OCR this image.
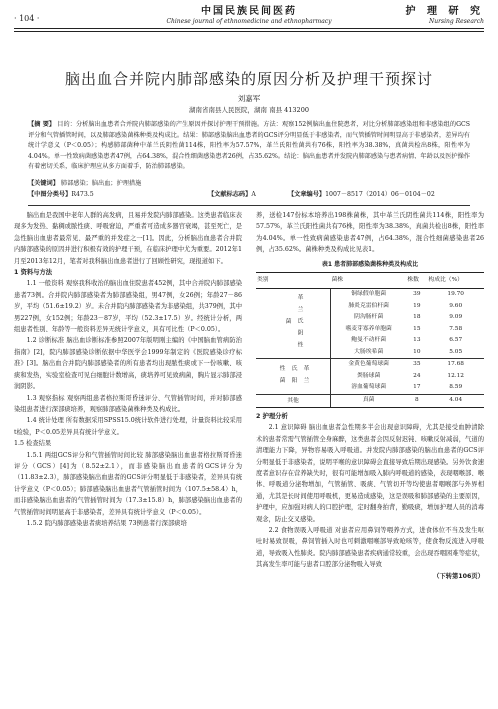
· 104 ·
中国民族民间医药
Chinese journal of ethnomedicine and ethnopharmacy
护 理 研 究
Nursing Research
脑出血合并院内肺部感染的原因分析及护理干预探讨
刘嘉军
湖南省南县人民医院，湖南 南县 413200
【摘 要】 目的：分析脑出血患者合并院内肺部感染的产生原因并探讨护理干预措施。方法：观察152例脑出血住院患者，对比分析肺部感染组和非感染组的GCS评分和气管插管时间，以及肺部感染菌株种类及构成比。结果：肺部感染脑出血患者的GCS评分明显低于非感染者，而气管插管时间明显高于非感染者，差异均有统计学意义（P＜0.05）；构感肺部菌种中革兰氏阴性菌114株，阳性率为57.57%，革兰氏阳性菌共有76株，阳性率为38.38%，真菌共检出8株，阳性率为4.04%。单一性致病菌感染患者47例，占64.38%，混合性细菌感染患者26例，占35.62%。结论：脑出血患者并发院内肺部感染与患者病情、年龄以及医护操作有着密切关系，临床护理应从多方面着手，防治肺部感染。
【关键词】 肺部感染；脑出血；护理措施
【中图分类号】R473.5	【文献标志码】A	【文章编号】1007－8517（2014）06－0104－02

脑出血是我国中老年人群的高发病，且易并发院内肺部感染。这类患者临床表现多为发热、黏稠或脓性痰、呼吸窘迫，严重者可造成多器官衰竭，甚至死亡，是急性脑出血患者最常见、最严重的并发症之一[1]。因此，分析脑出血患者合并院内肺部感染的原因并进行积极有效的护理干预，在临床护理中尤为重要。2012年1月至2013年12月，笔者对我科脑出血患者进行了回顾性研究，现报道如下。

1 资料与方法

1.1 一般资料 观察我科收治的脑出血住院患者452例，其中合并院内肺部感染患者73例。合并院内肺部感染者为肺部感染组，男47例，女26例；年龄27－86岁，平均（51.6±19.2）岁。未合并院内肺部感染者为非感染组，共379例，其中男227例，女152例；年龄23－87岁，平均（52.3±17.5）岁。经统计分析，两组患者性别、年龄等一般资料差异无统计学意义，具有可比性（P＜0.05）。

1.2 诊断标准 脑出血诊断标准参照2007年版明刚主编的《中国脑血管病防治指南》[2]，院内肺部感染诊断依据中华医学会1999年制定的《医院感染诊疗标准》[3]。脑出血合并院内肺部感染者的所有患者均出现脓性痰或下一份咳嗽、咳痰和发热，实验室检查可见白细胞计数增高，痰培养可见致病菌，胸片显示肺部浸润阴影。

1.3 观察指标 观察两组患者格拉斯哥昏迷评分、气管插管时间，并对肺部感染组患者进行深部痰培养，观察肺部感染菌株种类及构成比。

1.4 统计处理 所有数据采用SPSS15.0统计软件进行处理，计量资料比较采用t检验，P＜0.05差异具有统计学意义。

1.5 检查结果

1.5.1 两组GCS评分和气管插管时间比较 肺部感染脑出血患者格拉斯哥昏迷评分（GCS）[4]为（8.52±2.1），而非感染脑出血患者的GCS评分为（11.83±2.3），肺部感染脑出血患者的GCS评分明显低于非感染者，差异具有统计学意义（P＜0.05）；肺部感染脑出血患者气管插管时间为（107.5±58.4）h，而非感染脑出血患者的气管插管时间为（17.3±15.8）h，肺部感染脑出血患者的气管插管时间明显高于非感染者，差异具有统计学意义（P＜0.05）。

1.5.2 院内肺部感染患者痰培养结果 73例患者行深部痰培

养，送检147份标本培养出198株菌株，其中革兰氏阴性菌共114株，阳性率为57.57%，革兰氏阳性菌共有76株，阳性率为38.38%，真菌共检出8株，阳性率为4.04%。单一性致病菌感染患者47例，占64.38%，混合性细菌感染患者26例，占35.62%。菌株种类及构成比见表1。

表1 患者肺部感染菌株种类及构成比
类别	菌株	株数	构成比（%）
革兰氏阴性菌	铜绿假单胞菌	39	19.70
	肺炎克雷伯杆菌	19	9.60
	阴沟肠杆菌	18	9.09
	嗜麦芽寡养单胞菌	15	7.58
	鲍曼不动杆菌	13	6.57
	大肠埃希菌	10	5.05
革兰氏阳性菌	金黄色葡萄球菌	35	17.68
	粪肠球菌	24	12.12
	溶血葡萄球菌	17	8.59
其他	真菌	8	4.04

2 护理分析

2.1 意识障碍 脑出血患者急性期多半会出现意识障碍，尤其是接受血肿清除术的患者常需气管插管全身麻醉，这类患者会因反射迟钝、咳嗽反射减弱，气道的清理能力下降，异物容易吸入呼吸道。并发院内肺部感染的脑出血患者的GCS评分明显低于非感染者，说明平喉的意识障碍会直接导致后期出现感染。另外饮食速度者意识存在营养缺失时，很有可能增加吸入肺内呼吸道的感染，表现咽喉部、喉体、呼吸道分泌物增加，气管插管、吸痰、气管切开等均使患者咽喉部与外界相通，尤其是长时间使用呼吸机，更易造成感染，这是误吸和肺部感染的主要原因，护理中，应加强对病人的口腔护理，定时翻身拍背，勤吸痰，增加护理人员的消毒观念，防止交叉感染。

2.2 食物误吸入呼吸道 对患者应用鼻饲等喂养方式，进食体位不当及发生呕吐时易致误吸，鼻饲管插入时也可刺激咽喉部导致呛咳等，使食物反流进入呼吸道，导致吸入性肺炎。院内肺部感染患者疾病通常较重，会出现吞咽困难等症状，其高发生率可能与患者口腔部分泌物吸入导致

（下转第106页）
